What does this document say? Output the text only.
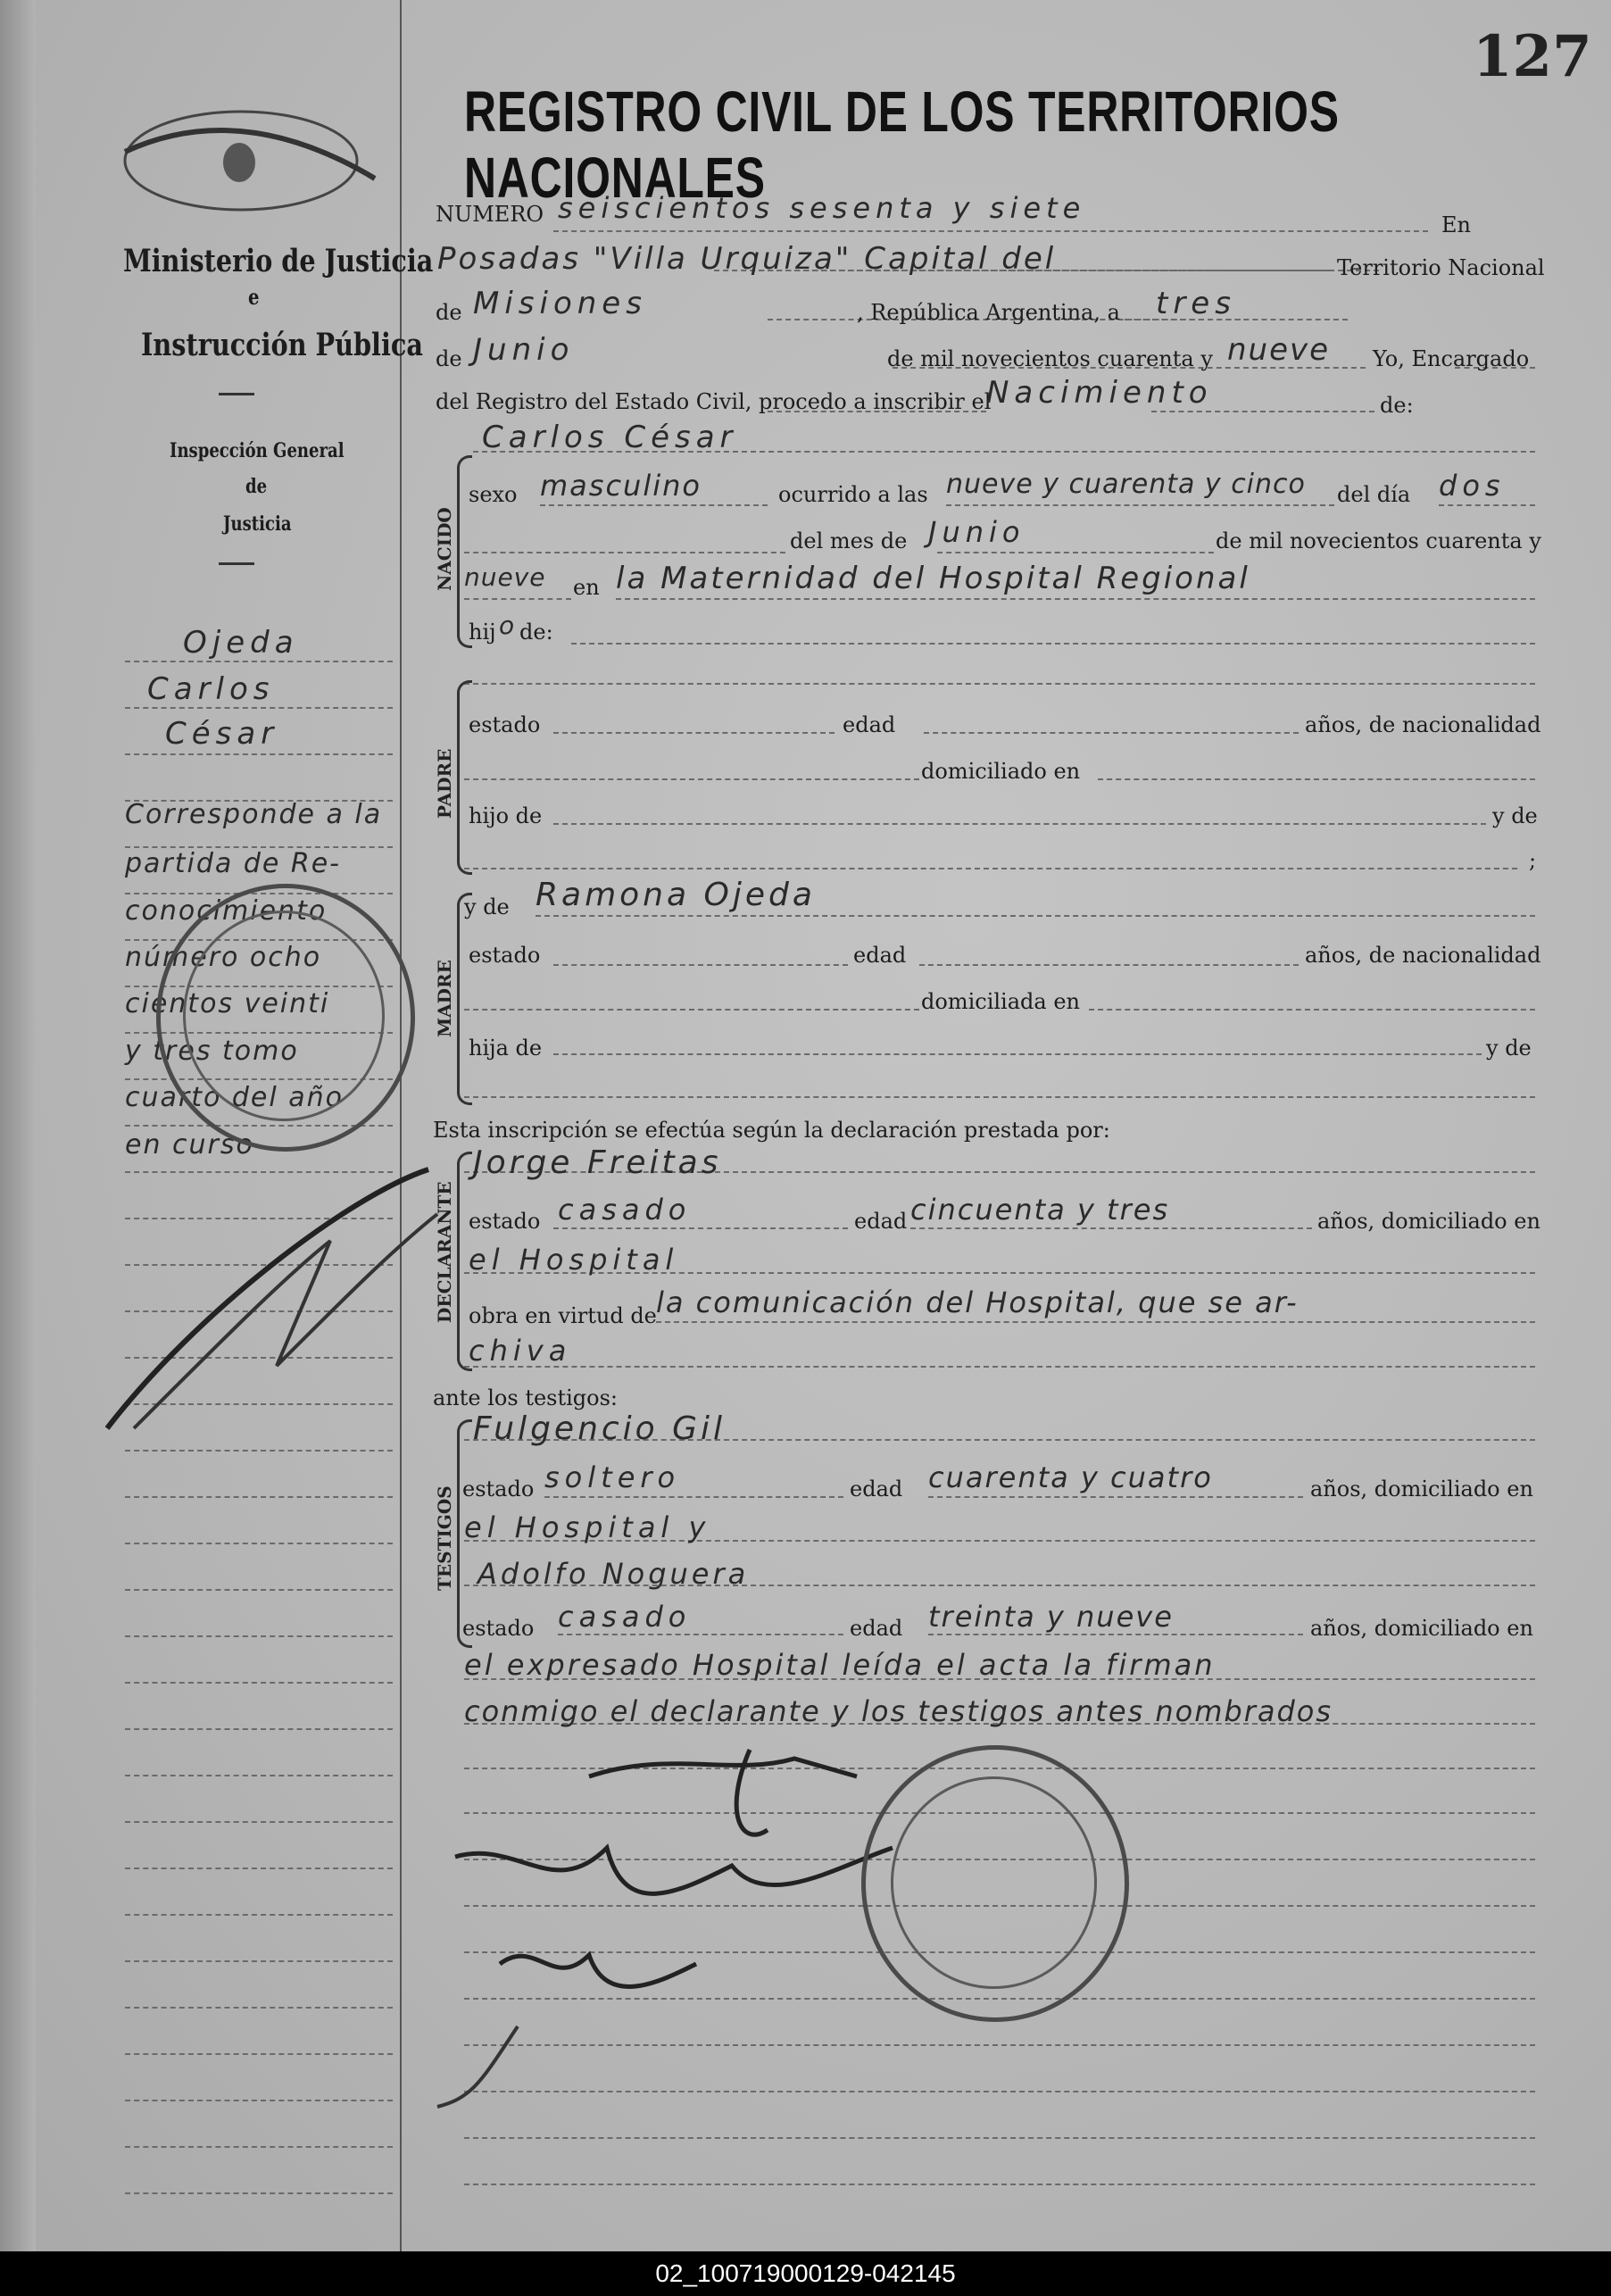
127
REGISTRO CIVIL DE LOS TERRITORIOS NACIONALES
Ministerio de Justicia
e
Instrucción Pública
Inspección General
de
Justicia
Ojeda
Carlos
César
Corresponde a la
partida de Re-
conocimiento
número ocho
cientos veinti
y tres tomo
cuarto del año
en curso
NUMERO seiscientos sesenta y siete	En
Posadas "Villa Urquiza" Capital del	Territorio Nacional
de Misiones	, República Argentina, a tres
de Junio	de mil novecientos cuarenta y nueve Yo, Encargado
del Registro del Estado Civil, procedo a inscribir el
Nacimiento	de:
Carlos César
NACIDO
sexo masculino	ocurrido a las nueve y cuarenta y cinco del día dos
del mes de Junio	de mil novecientos cuarenta y
nueve en la Maternidad del Hospital Regional
hij o de:
PADRE
estado	edad	años, de nacionalidad
domiciliado en
hijo de	y de
;
MADRE
y de Ramona Ojeda
estado	edad	años, de nacionalidad
domiciliada en
hija de	y de
Esta inscripción se efectúa según la declaración prestada por:
DECLARANTE
Jorge Freitas
estado casado	edad cincuenta y tres	años, domiciliado en
el Hospital
obra en virtud de la comunicación del Hospital, que se ar-
chiva
ante los testigos:
TESTIGOS
Fulgencio Gil
estado soltero	edad cuarenta y cuatro	años, domiciliado en
el Hospital y
Adolfo Noguera
estado casado	edad treinta y nueve	años, domiciliado en
el expresado Hospital leída el acta la firman
conmigo el declarante y los testigos antes nombrados
02_100719000129-042145
